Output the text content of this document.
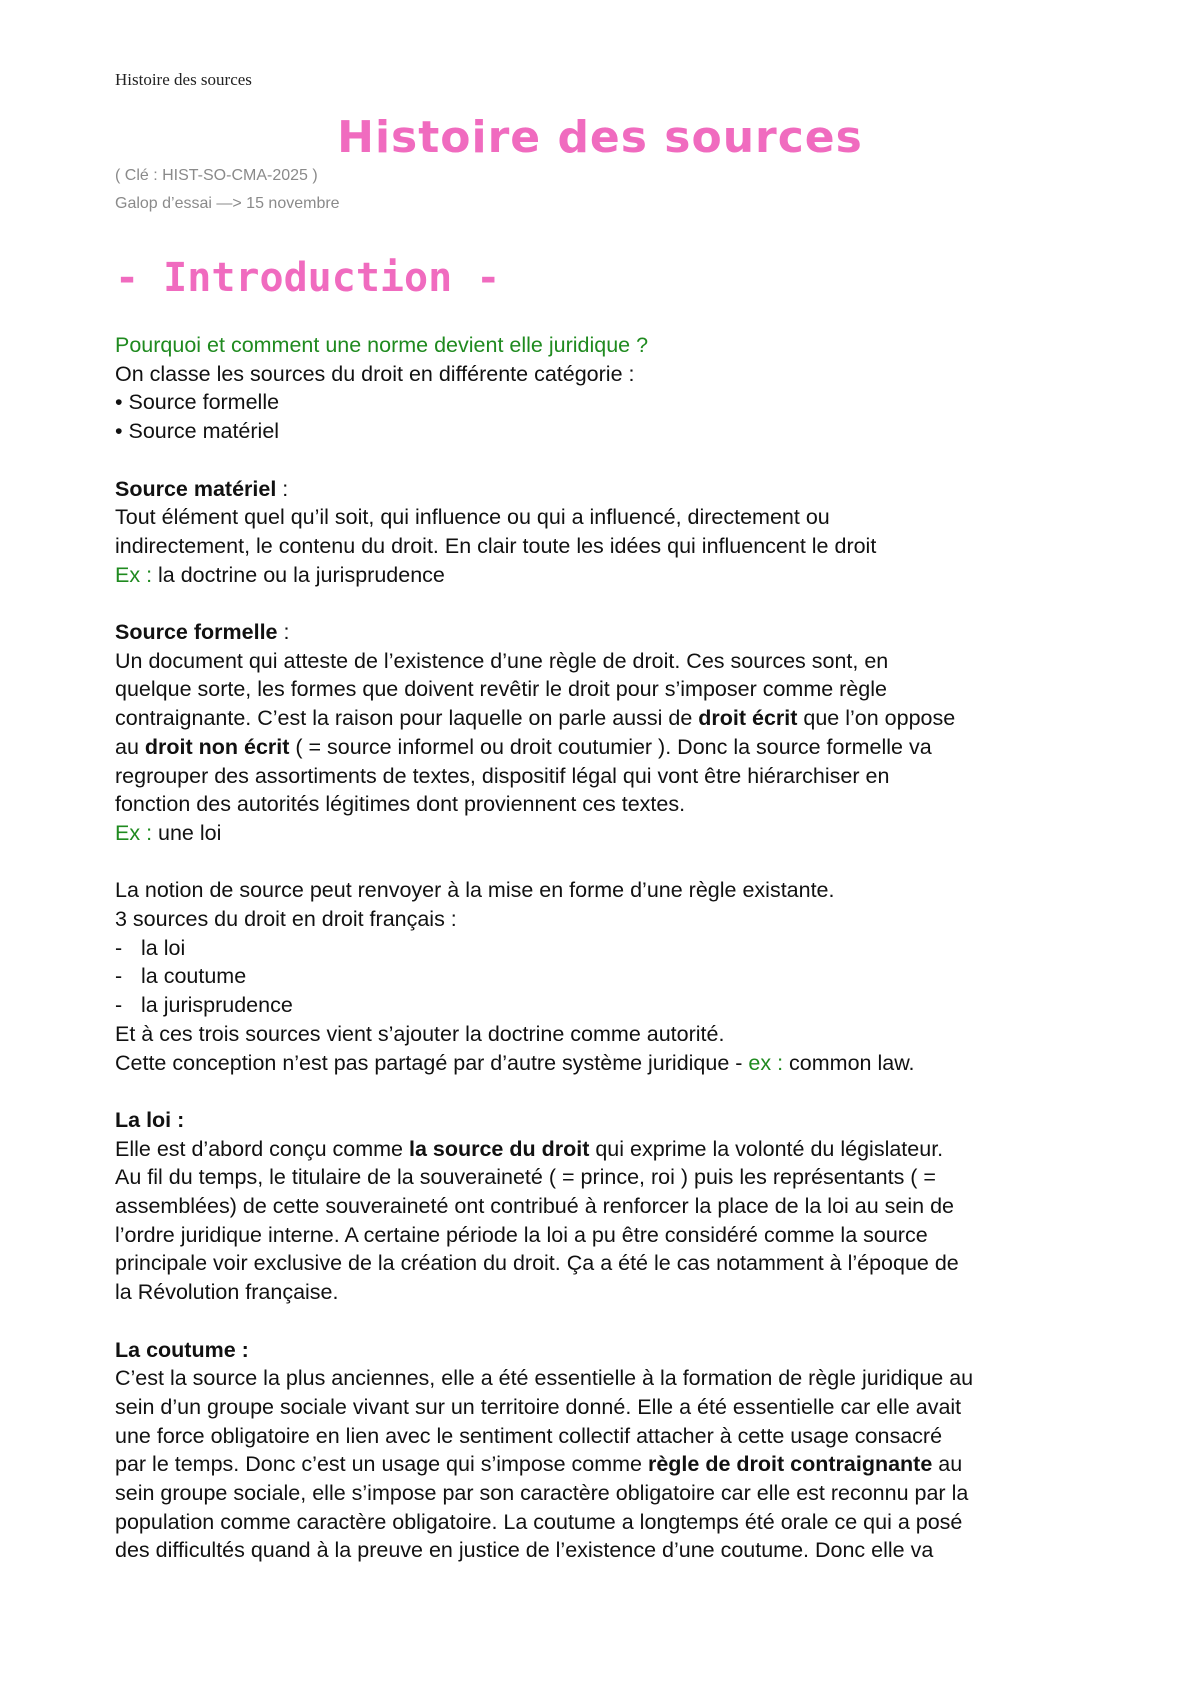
Histoire des sources
Histoire des sources
( Clé : HIST-SO-CMA-2025 )
Galop d’essai —> 15 novembre
- Introduction -

Pourquoi et comment une norme devient elle juridique ?

On classe les sources du droit en différente catégorie :

• Source formelle

• Source matériel

Source matériel :

Tout élément quel qu’il soit, qui influence ou qui a influencé, directement ou

indirectement, le contenu du droit. En clair toute les idées qui influencent le droit

Ex : la doctrine ou la jurisprudence

Source formelle :

Un document qui atteste de l’existence d’une règle de droit. Ces sources sont, en

quelque sorte, les formes que doivent revêtir le droit pour s’imposer comme règle

contraignante. C’est la raison pour laquelle on parle aussi de droit écrit que l’on oppose

au droit non écrit ( = source informel ou droit coutumier ). Donc la source formelle va

regrouper des assortiments de textes, dispositif légal qui vont être hiérarchiser en

fonction des autorités légitimes dont proviennent ces textes.

Ex : une loi

La notion de source peut renvoyer à la mise en forme d’une règle existante.

3 sources du droit en droit français :

- la loi

- la coutume

- la jurisprudence

Et à ces trois sources vient s’ajouter la doctrine comme autorité.

Cette conception n’est pas partagé par d’autre système juridique - ex : common law.

La loi :

Elle est d’abord conçu comme la source du droit qui exprime la volonté du législateur.

Au fil du temps, le titulaire de la souveraineté ( = prince, roi ) puis les représentants ( =

assemblées) de cette souveraineté ont contribué à renforcer la place de la loi au sein de

l’ordre juridique interne. A certaine période la loi a pu être considéré comme la source

principale voir exclusive de la création du droit. Ça a été le cas notamment à l’époque de

la Révolution française.

La coutume :

C’est la source la plus anciennes, elle a été essentielle à la formation de règle juridique au

sein d’un groupe sociale vivant sur un territoire donné. Elle a été essentielle car elle avait

une force obligatoire en lien avec le sentiment collectif attacher à cette usage consacré

par le temps. Donc c’est un usage qui s’impose comme règle de droit contraignante au

sein groupe sociale, elle s’impose par son caractère obligatoire car elle est reconnu par la

population comme caractère obligatoire. La coutume a longtemps été orale ce qui a posé

des difficultés quand à la preuve en justice de l’existence d’une coutume. Donc elle va
